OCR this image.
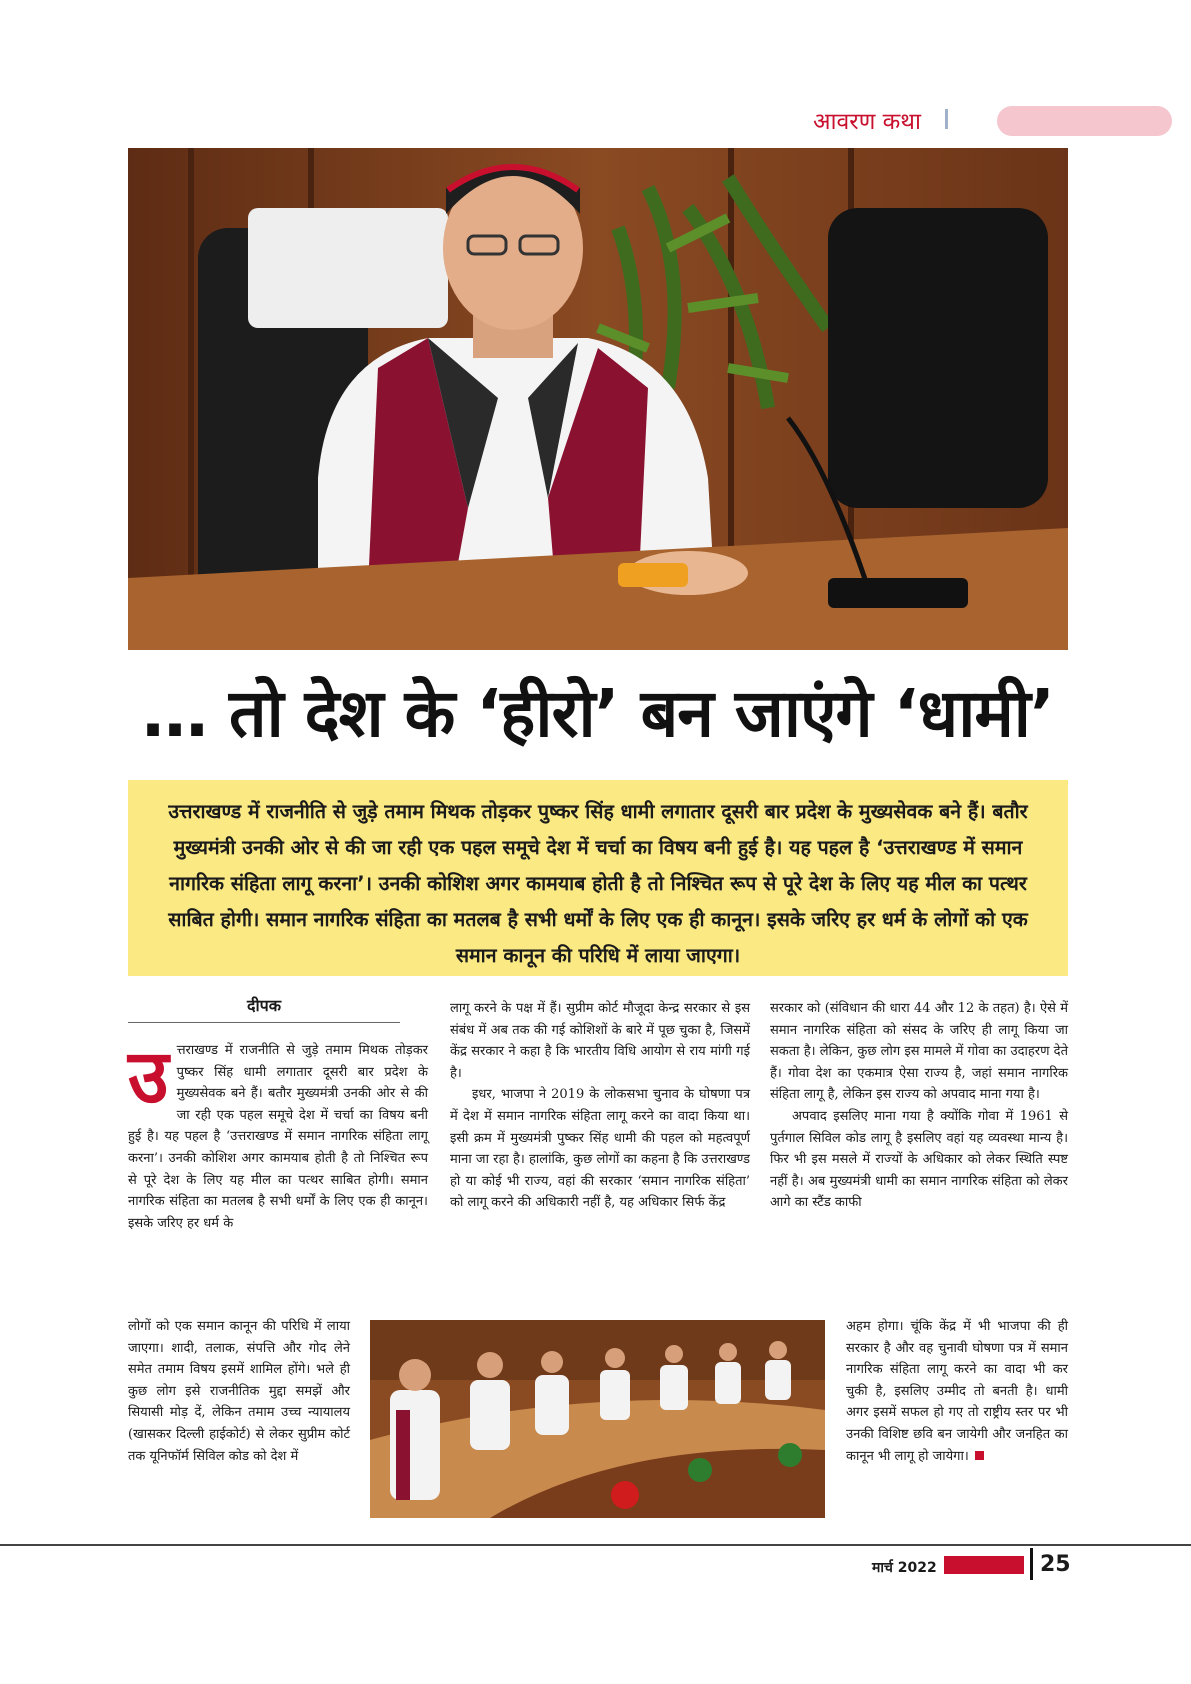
आवरण कथा
… तो देश के ‘हीरो’ बन जाएंगे ‘धामी’

उत्तराखण्ड में राजनीति से जुड़े तमाम मिथक तोड़कर पुष्कर सिंह धामी लगातार दूसरी बार प्रदेश के मुख्यसेवक बने हैं। बतौर मुख्यमंत्री उनकी ओर से की जा रही एक पहल समूचे देश में चर्चा का विषय बनी हुई है। यह पहल है ‘उत्तराखण्ड में समान नागरिक संहिता लागू करना’। उनकी कोशिश अगर कामयाब होती है तो निश्चित रूप से पूरे देश के लिए यह मील का पत्थर साबित होगी। समान नागरिक संहिता का मतलब है सभी धर्मों के लिए एक ही कानून। इसके जरिए हर धर्म के लोगों को एक समान कानून की परिधि में लाया जाएगा।

दीपक

उत्तराखण्ड में राजनीति से जुड़े तमाम मिथक तोड़कर पुष्कर सिंह धामी लगातार दूसरी बार प्रदेश के मुख्यसेवक बने हैं। बतौर मुख्यमंत्री उनकी ओर से की जा रही एक पहल समूचे देश में चर्चा का विषय बनी हुई है। यह पहल है ‘उत्तराखण्ड में समान नागरिक संहिता लागू करना’। उनकी कोशिश अगर कामयाब होती है तो निश्चित रूप से पूरे देश के लिए यह मील का पत्थर साबित होगी। समान नागरिक संहिता का मतलब है सभी धर्मों के लिए एक ही कानून। इसके जरिए हर धर्म के

लोगों को एक समान कानून की परिधि में लाया जाएगा। शादी, तलाक, संपत्ति और गोद लेने समेत तमाम विषय इसमें शामिल होंगे। भले ही कुछ लोग इसे राजनीतिक मुद्दा समझें और सियासी मोड़ दें, लेकिन तमाम उच्च न्यायालय (खासकर दिल्ली हाईकोर्ट) से लेकर सुप्रीम कोर्ट तक यूनिफॉर्म सिविल कोड को देश में

लागू करने के पक्ष में हैं। सुप्रीम कोर्ट मौजूदा केन्द्र सरकार से इस संबंध में अब तक की गई कोशिशों के बारे में पूछ चुका है, जिसमें केंद्र सरकार ने कहा है कि भारतीय विधि आयोग से राय मांगी गई है।

इधर, भाजपा ने 2019 के लोकसभा चुनाव के घोषणा पत्र में देश में समान नागरिक संहिता लागू करने का वादा किया था। इसी क्रम में मुख्यमंत्री पुष्कर सिंह धामी की पहल को महत्वपूर्ण माना जा रहा है। हालांकि, कुछ लोगों का कहना है कि उत्तराखण्ड हो या कोई भी राज्य, वहां की सरकार ‘समान नागरिक संहिता’ को लागू करने की अधिकारी नहीं है, यह अधिकार सिर्फ केंद्र

सरकार को (संविधान की धारा 44 और 12 के तहत) है। ऐसे में समान नागरिक संहिता को संसद के जरिए ही लागू किया जा सकता है। लेकिन, कुछ लोग इस मामले में गोवा का उदाहरण देते हैं। गोवा देश का एकमात्र ऐसा राज्य है, जहां समान नागरिक संहिता लागू है, लेकिन इस राज्य को अपवाद माना गया है।

अपवाद इसलिए माना गया है क्योंकि गोवा में 1961 से पुर्तगाल सिविल कोड लागू है इसलिए वहां यह व्यवस्था मान्य है। फिर भी इस मसले में राज्यों के अधिकार को लेकर स्थिति स्पष्ट नहीं है। अब मुख्यमंत्री धामी का समान नागरिक संहिता को लेकर आगे का स्टैंड काफी

अहम होगा। चूंकि केंद्र में भी भाजपा की ही सरकार है और वह चुनावी घोषणा पत्र में समान नागरिक संहिता लागू करने का वादा भी कर चुकी है, इसलिए उम्मीद तो बनती है। धामी अगर इसमें सफल हो गए तो राष्ट्रीय स्तर पर भी उनकी विशिष्ट छवि बन जायेगी और जनहित का कानून भी लागू हो जायेगा।

मार्च 2022	25
